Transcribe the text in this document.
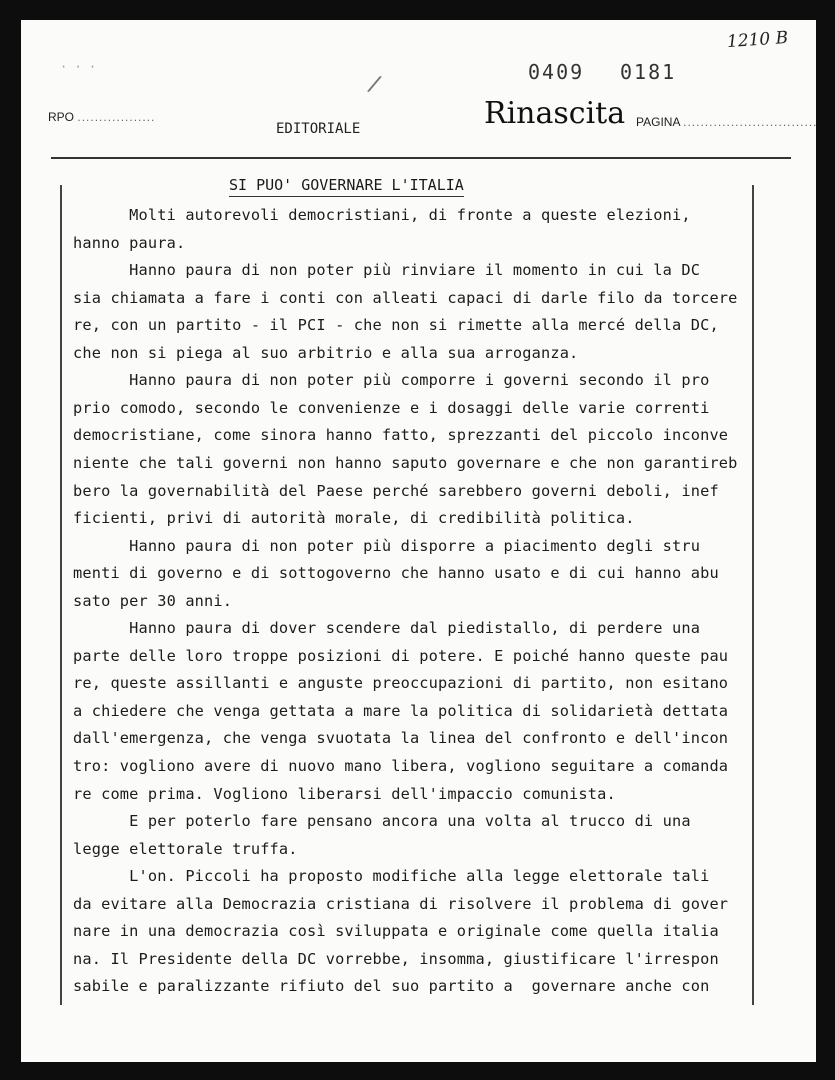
1210 B
· · ·
/	0409 0181
RPO ..................
EDITORIALE	Rinascita PAGINA ...............................
SI PUO' GOVERNARE L'ITALIA
Molti autorevoli democristiani, di fronte a queste elezioni,
hanno paura.
Hanno paura di non poter più rinviare il momento in cui la DC
sia chiamata a fare i conti con alleati capaci di darle filo da torcere
re, con un partito - il PCI - che non si rimette alla mercé della DC,
che non si piega al suo arbitrio e alla sua arroganza.
Hanno paura di non poter più comporre i governi secondo il pro
prio comodo, secondo le convenienze e i dosaggi delle varie correnti
democristiane, come sinora hanno fatto, sprezzanti del piccolo inconve
niente che tali governi non hanno saputo governare e che non garantireb
bero la governabilità del Paese perché sarebbero governi deboli, inef
ficienti, privi di autorità morale, di credibilità politica.
Hanno paura di non poter più disporre a piacimento degli stru
menti di governo e di sottogoverno che hanno usato e di cui hanno abu
sato per 30 anni.
Hanno paura di dover scendere dal piedistallo, di perdere una
parte delle loro troppe posizioni di potere. E poiché hanno queste pau
re, queste assillanti e anguste preoccupazioni di partito, non esitano
a chiedere che venga gettata a mare la politica di solidarietà dettata
dall'emergenza, che venga svuotata la linea del confronto e dell'incon
tro: vogliono avere di nuovo mano libera, vogliono seguitare a comanda
re come prima. Vogliono liberarsi dell'impaccio comunista.
E per poterlo fare pensano ancora una volta al trucco di una
legge elettorale truffa.
L'on. Piccoli ha proposto modifiche alla legge elettorale tali
da evitare alla Democrazia cristiana di risolvere il problema di gover
nare in una democrazia così sviluppata e originale come quella italia
na. Il Presidente della DC vorrebbe, insomma, giustificare l'irrespon
sabile e paralizzante rifiuto del suo partito a  governare anche con
